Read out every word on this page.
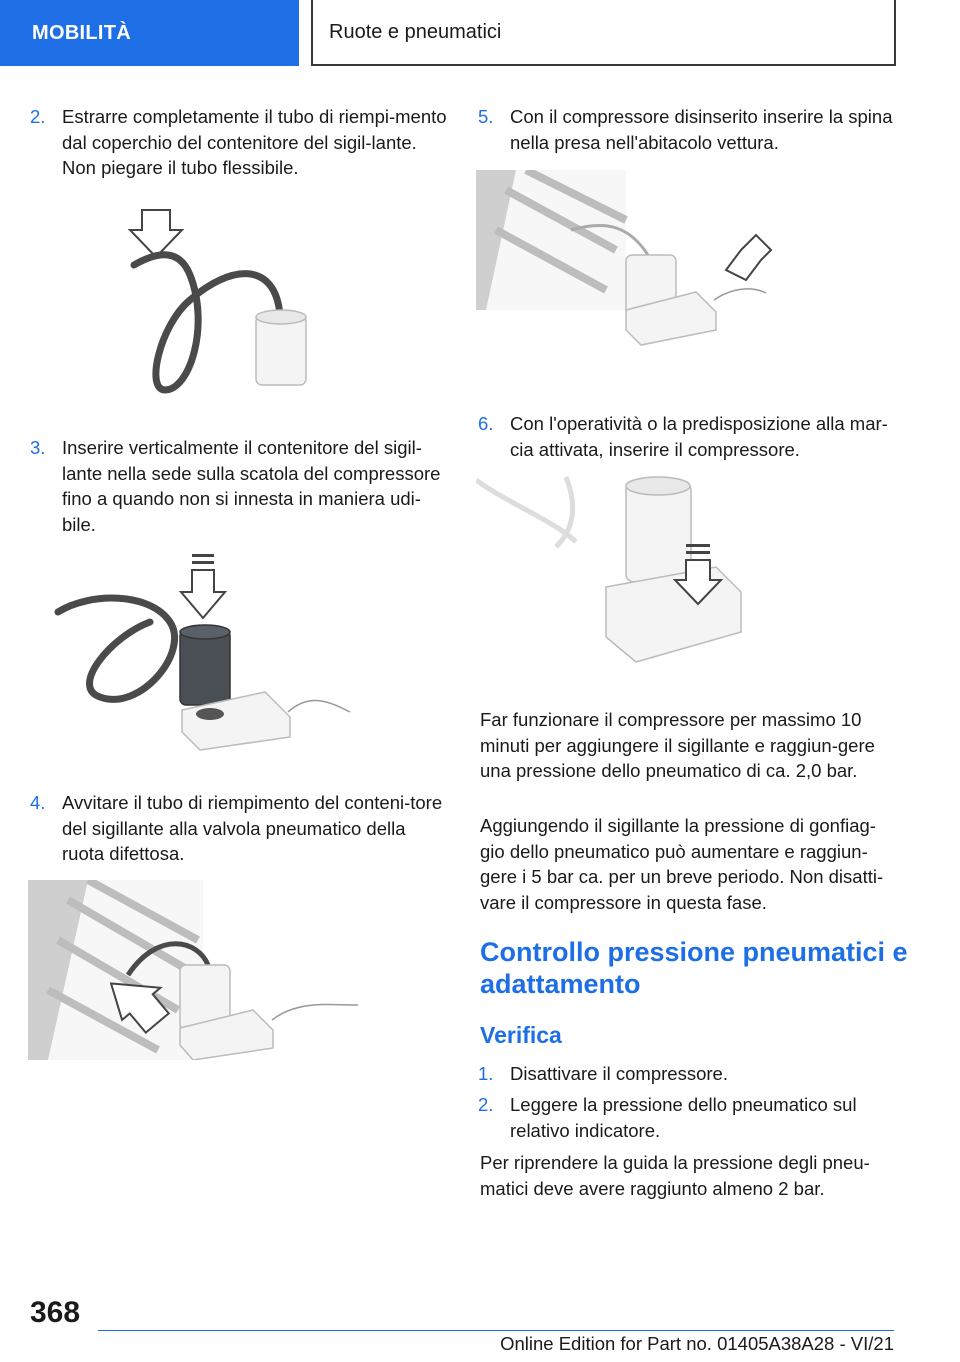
MOBILITÀ	Ruote e pneumatici
2. Estrarre completamente il tubo di riempi-mento dal coperchio del contenitore del sigil-lante. Non piegare il tubo flessibile.
3. Inserire verticalmente il contenitore del sigil-lante nella sede sulla scatola del compressore fino a quando non si innesta in maniera udi-bile.
4. Avvitare il tubo di riempimento del conteni-tore del sigillante alla valvola pneumatico della ruota difettosa.
5. Con il compressore disinserito inserire la spina nella presa nell'abitacolo vettura.
6. Con l'operatività o la predisposizione alla mar-cia attivata, inserire il compressore.
Far funzionare il compressore per massimo 10 minuti per aggiungere il sigillante e raggiun-gere una pressione dello pneumatico di ca. 2,0 bar.
Aggiungendo il sigillante la pressione di gonfiag-gio dello pneumatico può aumentare e raggiun-gere i 5 bar ca. per un breve periodo. Non disatti-vare il compressore in questa fase.
Controllo pressione pneumatici e adattamento
Verifica
1. Disattivare il compressore.
2. Leggere la pressione dello pneumatico sul relativo indicatore.
Per riprendere la guida la pressione degli pneu-matici deve avere raggiunto almeno 2 bar.
368
Online Edition for Part no. 01405A38A28 - VI/21
